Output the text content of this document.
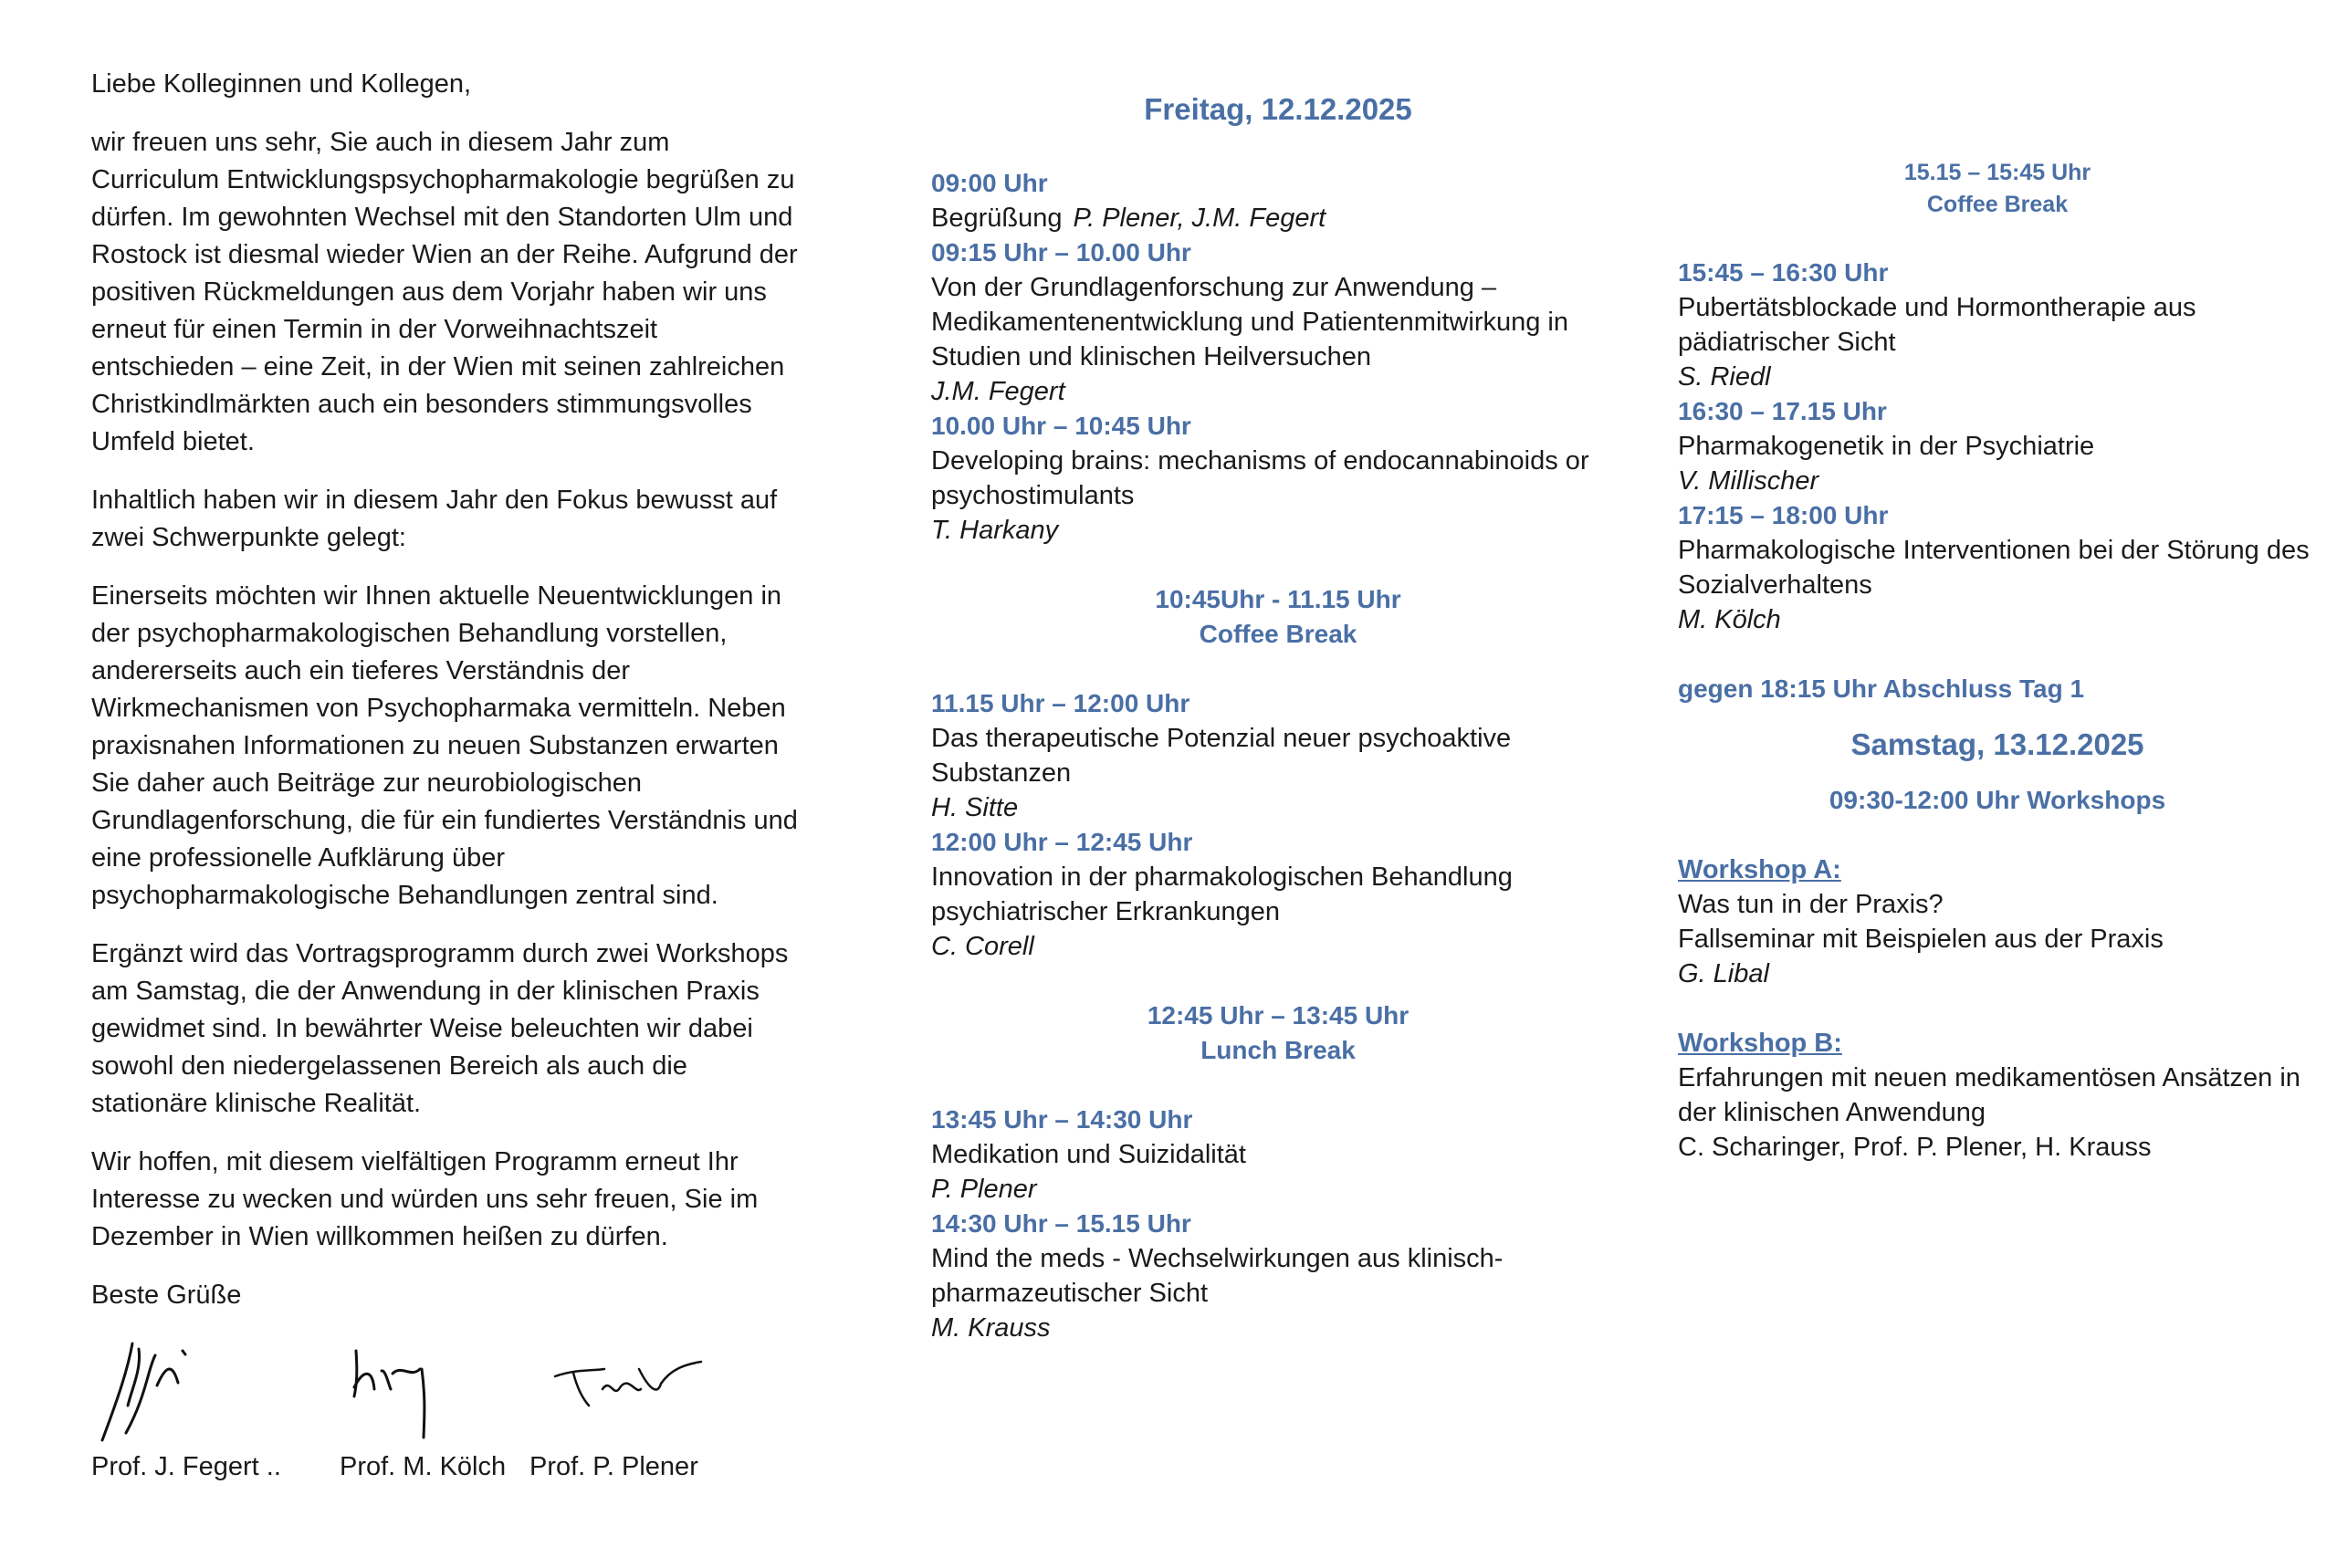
Liebe Kolleginnen und Kollegen,

wir freuen uns sehr, Sie auch in diesem Jahr zum Curriculum Entwicklungspsychopharmakologie begrüßen zu dürfen. Im gewohnten Wechsel mit den Standorten Ulm und Rostock ist diesmal wieder Wien an der Reihe. Aufgrund der positiven Rückmeldungen aus dem Vorjahr haben wir uns erneut für einen Termin in der Vorweihnachtszeit entschieden – eine Zeit, in der Wien mit seinen zahlreichen Christkindlmärkten auch ein besonders stimmungsvolles Umfeld bietet.

Inhaltlich haben wir in diesem Jahr den Fokus bewusst auf zwei Schwerpunkte gelegt:

Einerseits möchten wir Ihnen aktuelle Neuentwicklungen in der psychopharmakologischen Behandlung vorstellen, andererseits auch ein tieferes Verständnis der Wirkmechanismen von Psychopharmaka vermitteln. Neben praxisnahen Informationen zu neuen Substanzen erwarten Sie daher auch Beiträge zur neurobiologischen Grundlagenforschung, die für ein fundiertes Verständnis und eine professionelle Aufklärung über psychopharmakologische Behandlungen zentral sind.

Ergänzt wird das Vortragsprogramm durch zwei Workshops am Samstag, die der Anwendung in der klinischen Praxis gewidmet sind. In bewährter Weise beleuchten wir dabei sowohl den niedergelassenen Bereich als auch die stationäre klinische Realität.

Wir hoffen, mit diesem vielfältigen Programm erneut Ihr Interesse zu wecken und würden uns sehr freuen, Sie im Dezember in Wien willkommen heißen zu dürfen.

Beste Grüße

Prof. J. Fegert .. Prof. M. Kölch Prof. P. Plener
Freitag, 12.12.2025
09:00 Uhr
Begrüßung P. Plener, J.M. Fegert
09:15 Uhr – 10.00 Uhr
Von der Grundlagenforschung zur Anwendung – Medikamentenentwicklung und Patientenmitwirkung in Studien und klinischen Heilversuchen
J.M. Fegert
10.00 Uhr – 10:45 Uhr
Developing brains: mechanisms of endocannabinoids or psychostimulants
T. Harkany
10:45Uhr - 11.15 Uhr
Coffee Break
11.15 Uhr – 12:00 Uhr
Das therapeutische Potenzial neuer psychoaktive Substanzen
H. Sitte
12:00 Uhr – 12:45 Uhr
Innovation in der pharmakologischen Behandlung psychiatrischer Erkrankungen
C. Corell
12:45 Uhr – 13:45 Uhr
Lunch Break
13:45 Uhr – 14:30 Uhr
Medikation und Suizidalität
P. Plener
14:30 Uhr – 15.15 Uhr
Mind the meds - Wechselwirkungen aus klinisch-pharmazeutischer Sicht
M. Krauss
15.15 – 15:45 Uhr
Coffee Break
15:45 – 16:30 Uhr
Pubertätsblockade und Hormontherapie aus pädiatrischer Sicht
S. Riedl
16:30 – 17.15 Uhr
Pharmakogenetik in der Psychiatrie
V. Millischer
17:15 – 18:00 Uhr
Pharmakologische Interventionen bei der Störung des Sozialverhaltens
M. Kölch
gegen 18:15 Uhr Abschluss Tag 1
Samstag, 13.12.2025
09:30-12:00 Uhr Workshops
Workshop A:
Was tun in der Praxis?
Fallseminar mit Beispielen aus der Praxis
G. Libal
Workshop B:
Erfahrungen mit neuen medikamentösen Ansätzen in der klinischen Anwendung
C. Scharinger, Prof. P. Plener, H. Krauss
